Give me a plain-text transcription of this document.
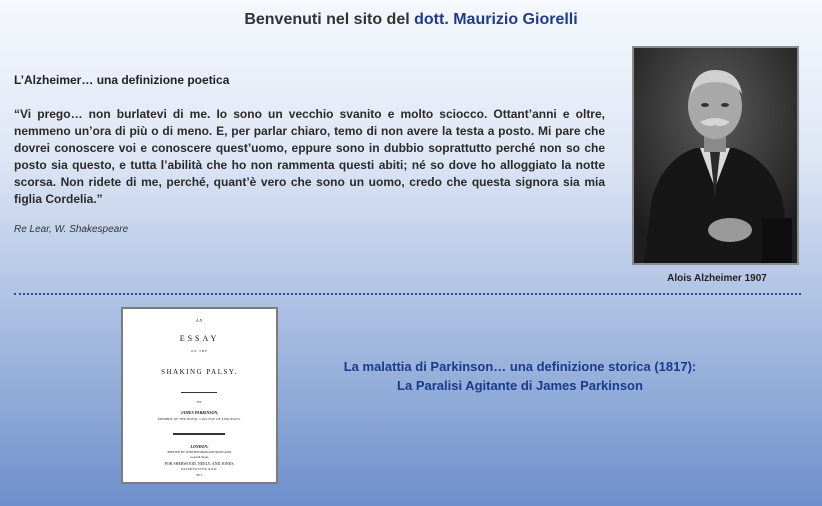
Benvenuti nel sito del dott. Maurizio Giorelli
L’Alzheimer… una definizione poetica
“Vi prego… non burlatevi di me. Io sono un vecchio svanito e molto sciocco. Ottant’anni e oltre, nemmeno un’ora di più o di meno. E, per parlar chiaro, temo di non avere la testa a posto. Mi pare che dovrei conoscere voi e conoscere quest’uomo, eppure sono in dubbio soprattutto perché non so che posto sia questo, e tutta l’abilità che ho non rammenta questi abiti; né so dove ho alloggiato la notte scorsa. Non ridete di me, perché, quant’è vero che sono un uomo, credo che questa signora sia mia figlia Cordelia.”
Re Lear, W. Shakespeare
Alois Alzheimer 1907
AN
ESSAY
ON THE
SHAKING PALSY.
BY
JAMES PARKINSON,
MEMBER OF THE ROYAL COLLEGE OF SURGEONS.
LONDON:
PRINTED BY WHITTINGHAM AND ROWLAND,
Goswell Street,
FOR SHERWOOD, NEELY, AND JONES,
PATERNOSTER ROW.
1817.
La malattia di Parkinson… una definizione storica (1817):
La Paralisi Agitante di James Parkinson
